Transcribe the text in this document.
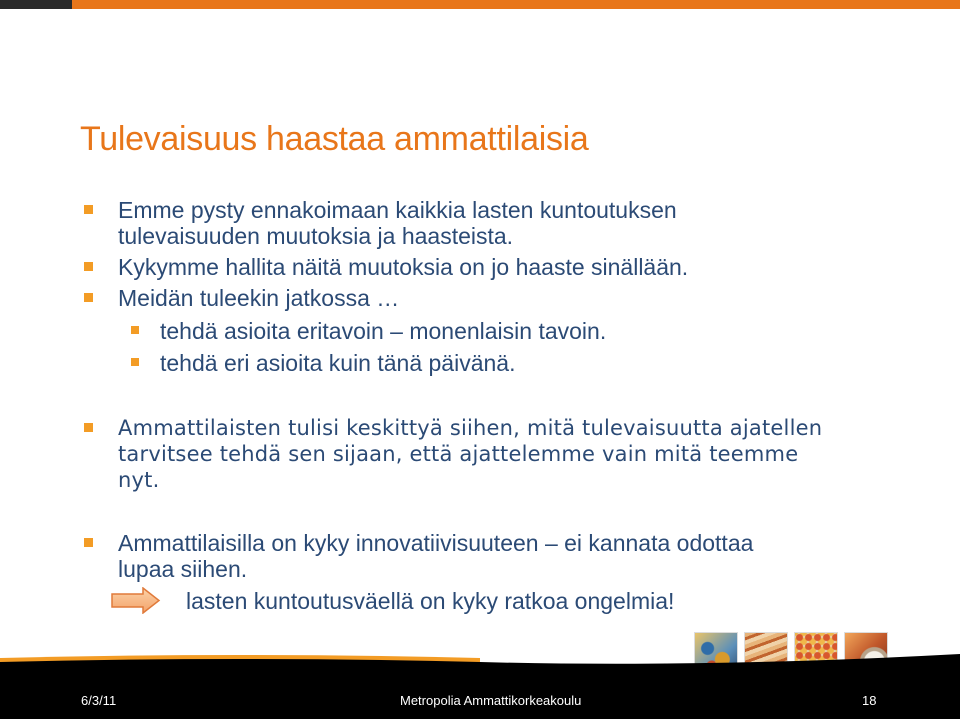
Tulevaisuus haastaa ammattilaisia
Emme pysty ennakoimaan kaikkia lasten kuntoutuksen
tulevaisuuden muutoksia ja haasteista.
Kykymme hallita näitä muutoksia on jo haaste sinällään.
Meidän tuleekin jatkossa …
tehdä asioita eritavoin – monenlaisin tavoin.
tehdä eri asioita kuin tänä päivänä.
Ammattilaisten tulisi keskittyä siihen, mitä tulevaisuutta ajatellen
tarvitsee tehdä sen sijaan, että ajattelemme vain mitä teemme
nyt.
Ammattilaisilla on kyky innovatiivisuuteen – ei kannata odottaa
lupaa siihen.
lasten kuntoutusväellä on kyky ratkoa ongelmia!
6/3/11	Metropolia Ammattikorkeakoulu	18
